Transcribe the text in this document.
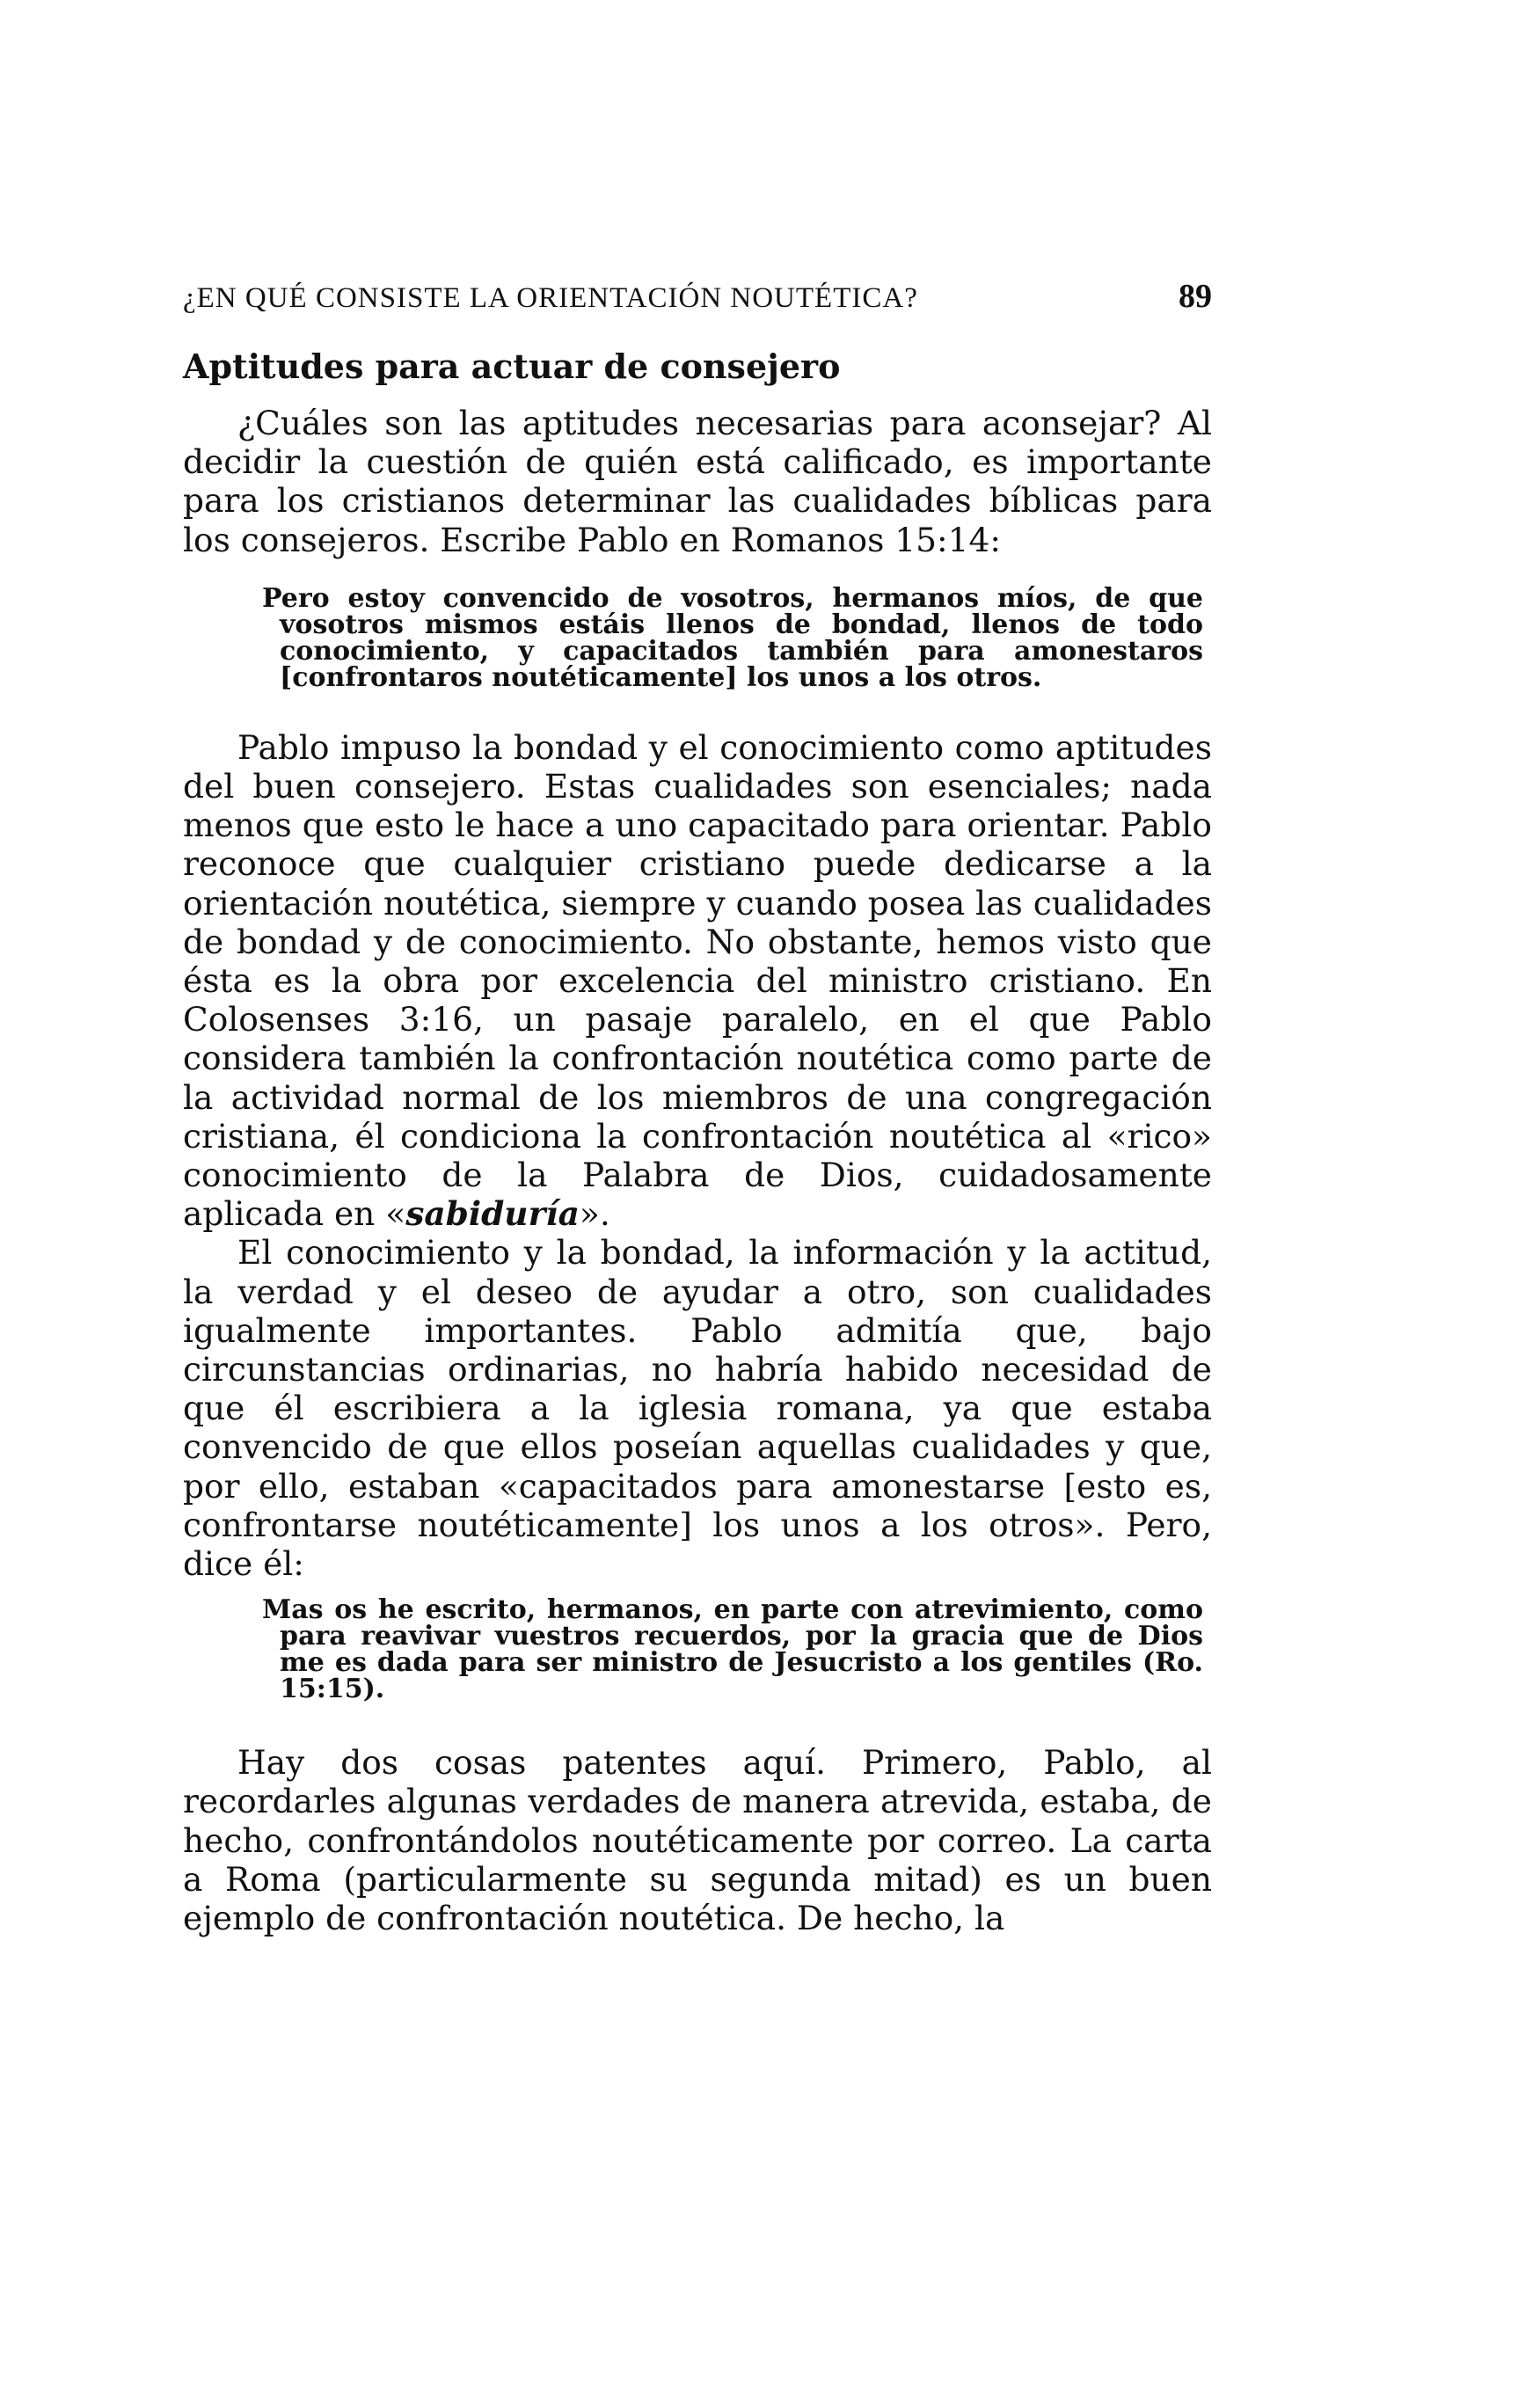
¿EN QUÉ CONSISTE LA ORIENTACIÓN NOUTÉTICA?	89
Aptitudes para actuar de consejero

¿Cuáles son las aptitudes necesarias para aconsejar? Al decidir la cuestión de quién está calificado, es importante para los cristianos determinar las cualidades bíblicas para los consejeros. Escribe Pablo en Romanos 15:14:

Pero estoy convencido de vosotros, hermanos míos, de que vosotros mismos estáis llenos de bondad, llenos de todo conocimiento, y capacitados también para amonestaros [confrontaros noutéticamente] los unos a los otros.

Pablo impuso la bondad y el conocimiento como aptitudes del buen consejero. Estas cualidades son esenciales; nada menos que esto le hace a uno capacitado para orientar. Pablo reconoce que cualquier cristiano puede dedicarse a la orientación noutética, siempre y cuando posea las cualidades de bondad y de conocimiento. No obstante, hemos visto que ésta es la obra por excelencia del ministro cristiano. En Colosenses 3:16, un pasaje paralelo, en el que Pablo considera también la confrontación noutética como parte de la actividad normal de los miembros de una congregación cristiana, él condiciona la confrontación noutética al «rico» conocimiento de la Palabra de Dios, cuidadosamente aplicada en «sabiduría».

El conocimiento y la bondad, la información y la actitud, la verdad y el deseo de ayudar a otro, son cualidades igualmente importantes. Pablo admitía que, bajo circunstancias ordinarias, no habría habido necesidad de que él escribiera a la iglesia romana, ya que estaba convencido de que ellos poseían aquellas cualidades y que, por ello, estaban «capacitados para amonestarse [esto es, confrontarse noutéticamente] los unos a los otros». Pero, dice él:

Mas os he escrito, hermanos, en parte con atrevimiento, como para reavivar vuestros recuerdos, por la gracia que de Dios me es dada para ser ministro de Jesucristo a los gentiles (Ro. 15:15).

Hay dos cosas patentes aquí. Primero, Pablo, al recordarles algunas verdades de manera atrevida, estaba, de hecho, confrontándolos noutéticamente por correo. La carta a Roma (particularmente su segunda mitad) es un buen ejemplo de confrontación noutética. De hecho, la
